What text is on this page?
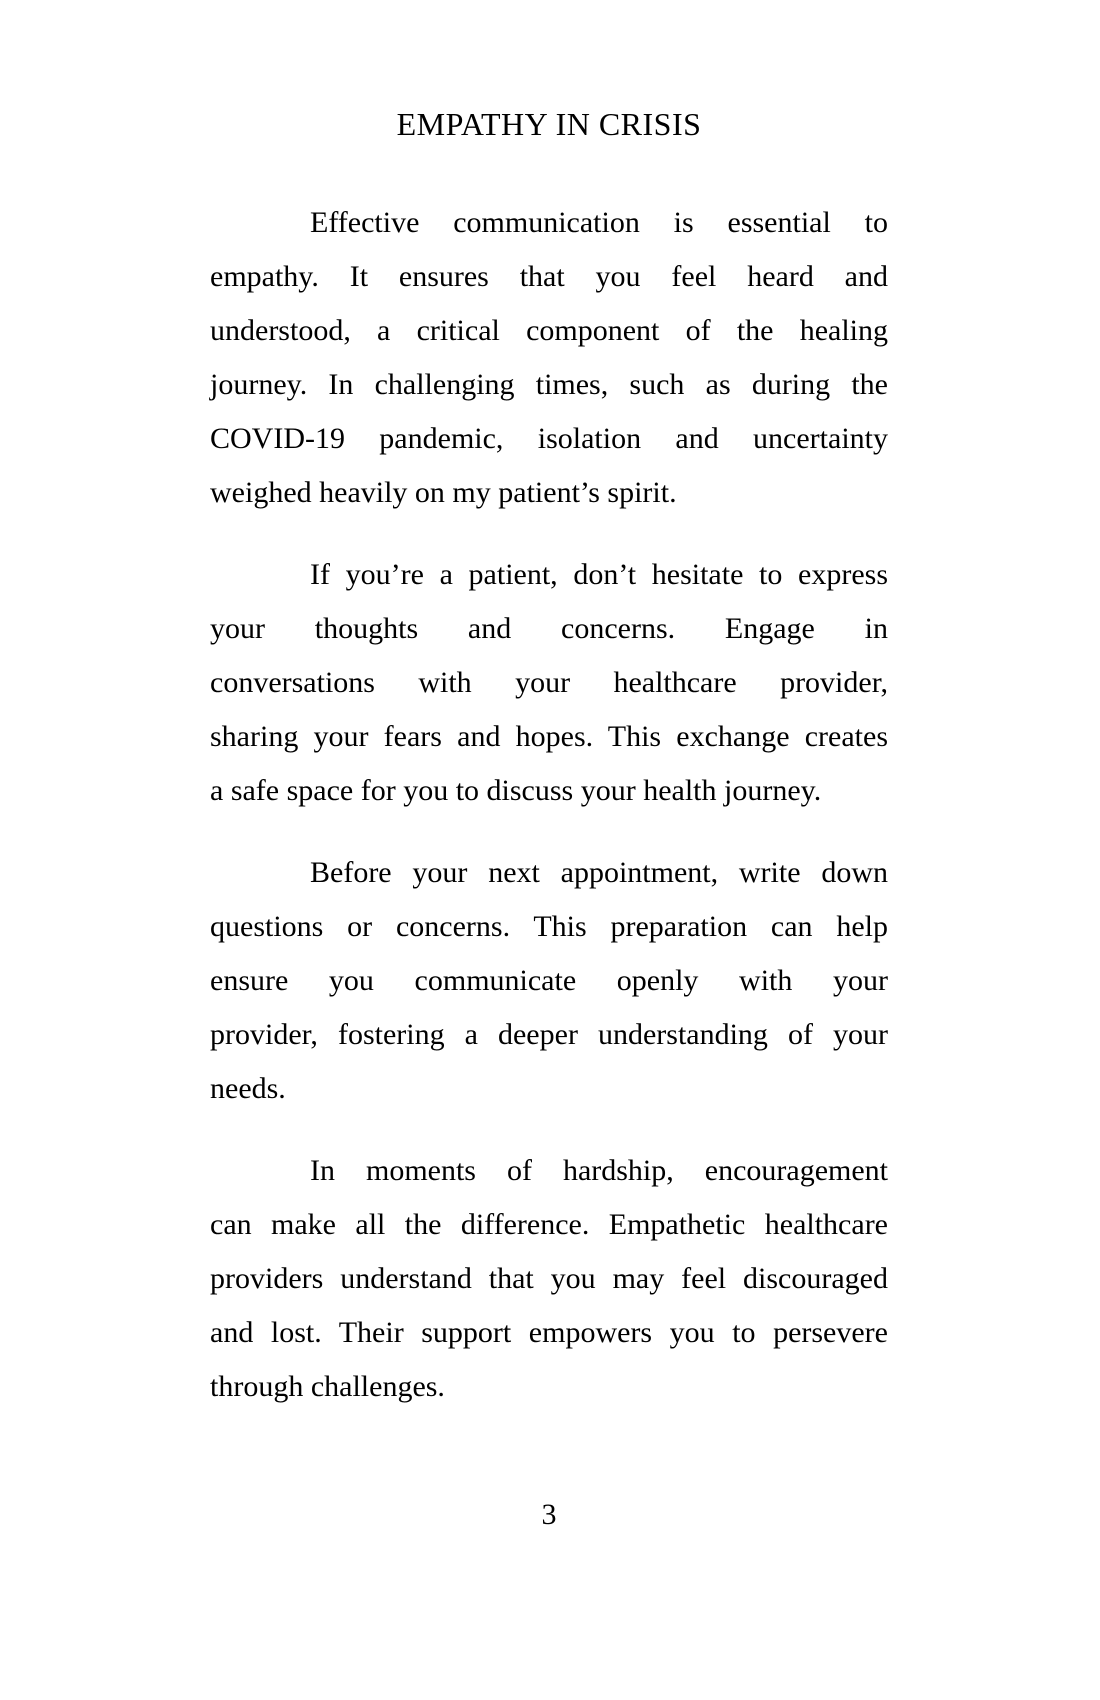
EMPATHY IN CRISIS
Effective communication is essential to
empathy. It ensures that you feel heard and
understood, a critical component of the healing
journey. In challenging times, such as during the
COVID-19 pandemic, isolation and uncertainty
weighed heavily on my patient’s spirit.
If you’re a patient, don’t hesitate to express
your thoughts and concerns. Engage in
conversations with your healthcare provider,
sharing your fears and hopes. This exchange creates
a safe space for you to discuss your health journey.
Before your next appointment, write down
questions or concerns. This preparation can help
ensure you communicate openly with your
provider, fostering a deeper understanding of your
needs.
In moments of hardship, encouragement
can make all the difference. Empathetic healthcare
providers understand that you may feel discouraged
and lost. Their support empowers you to persevere
through challenges.
3
